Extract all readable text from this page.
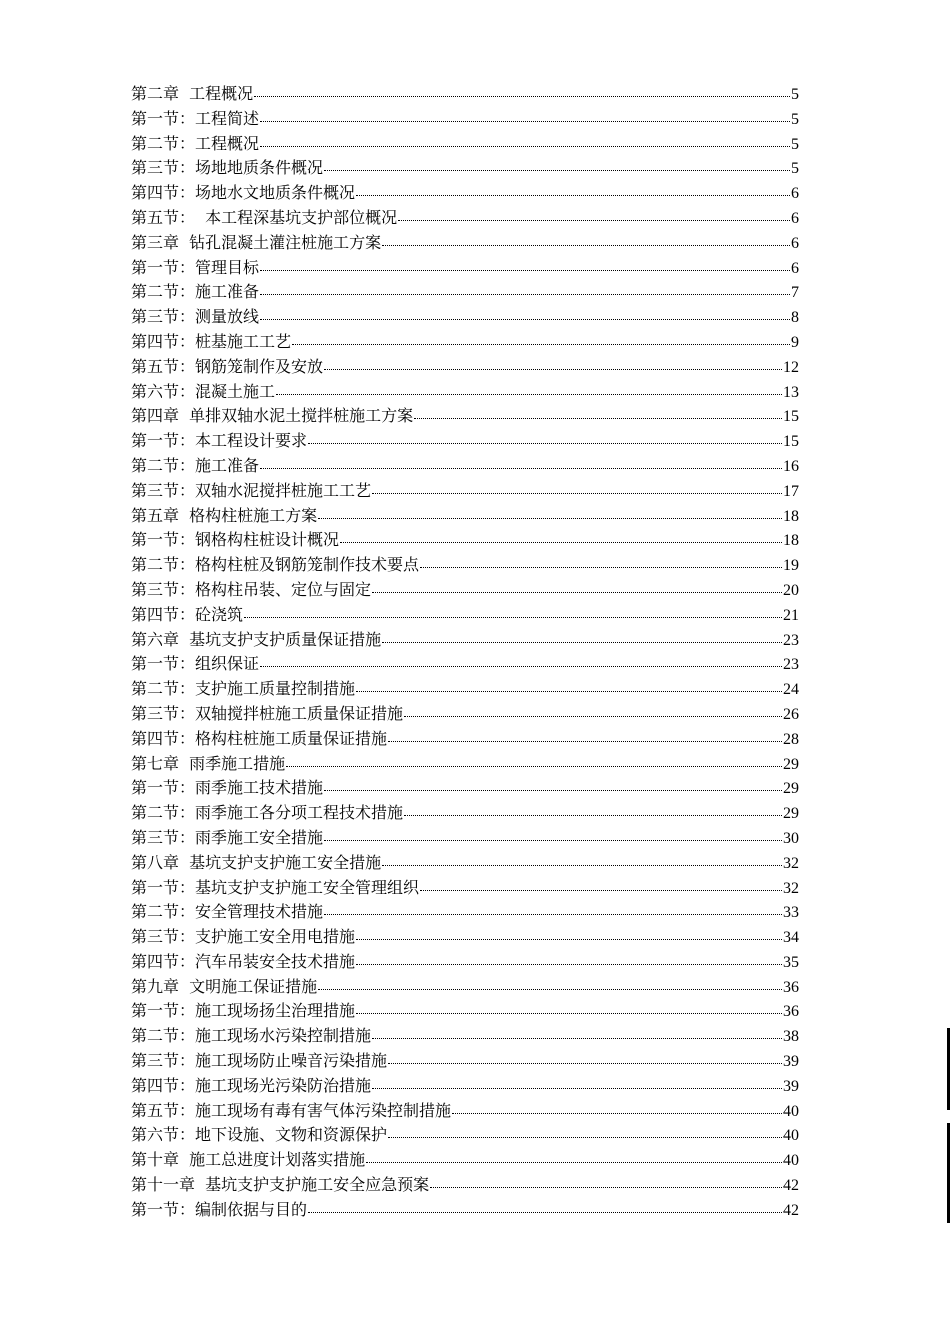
第二章  工程概况	5
第一节：工程简述	5
第二节：工程概况	5
第三节：场地地质条件概况	5
第四节：场地水文地质条件概况	6
第五节：  本工程深基坑支护部位概况	6
第三章  钻孔混凝土灌注桩施工方案	6
第一节：管理目标	6
第二节：施工准备	7
第三节：测量放线	8
第四节：桩基施工工艺	9
第五节：钢筋笼制作及安放	12
第六节：混凝土施工	13
第四章  单排双轴水泥土搅拌桩施工方案	15
第一节：本工程设计要求	15
第二节：施工准备	16
第三节：双轴水泥搅拌桩施工工艺	17
第五章  格构柱桩施工方案	18
第一节：钢格构柱桩设计概况	18
第二节：格构柱桩及钢筋笼制作技术要点	19
第三节：格构柱吊装、定位与固定	20
第四节：砼浇筑	21
第六章  基坑支护支护质量保证措施	23
第一节：组织保证	23
第二节：支护施工质量控制措施	24
第三节：双轴搅拌桩施工质量保证措施	26
第四节：格构柱桩施工质量保证措施	28
第七章  雨季施工措施	29
第一节：雨季施工技术措施	29
第二节：雨季施工各分项工程技术措施	29
第三节：雨季施工安全措施	30
第八章  基坑支护支护施工安全措施	32
第一节：基坑支护支护施工安全管理组织	32
第二节：安全管理技术措施	33
第三节：支护施工安全用电措施	34
第四节：汽车吊装安全技术措施	35
第九章  文明施工保证措施	36
第一节：施工现场扬尘治理措施	36
第二节：施工现场水污染控制措施	38
第三节：施工现场防止噪音污染措施	39
第四节：施工现场光污染防治措施	39
第五节：施工现场有毒有害气体污染控制措施	40
第六节：地下设施、文物和资源保护	40
第十章  施工总进度计划落实措施	40
第十一章  基坑支护支护施工安全应急预案	42
第一节：编制依据与目的	42
